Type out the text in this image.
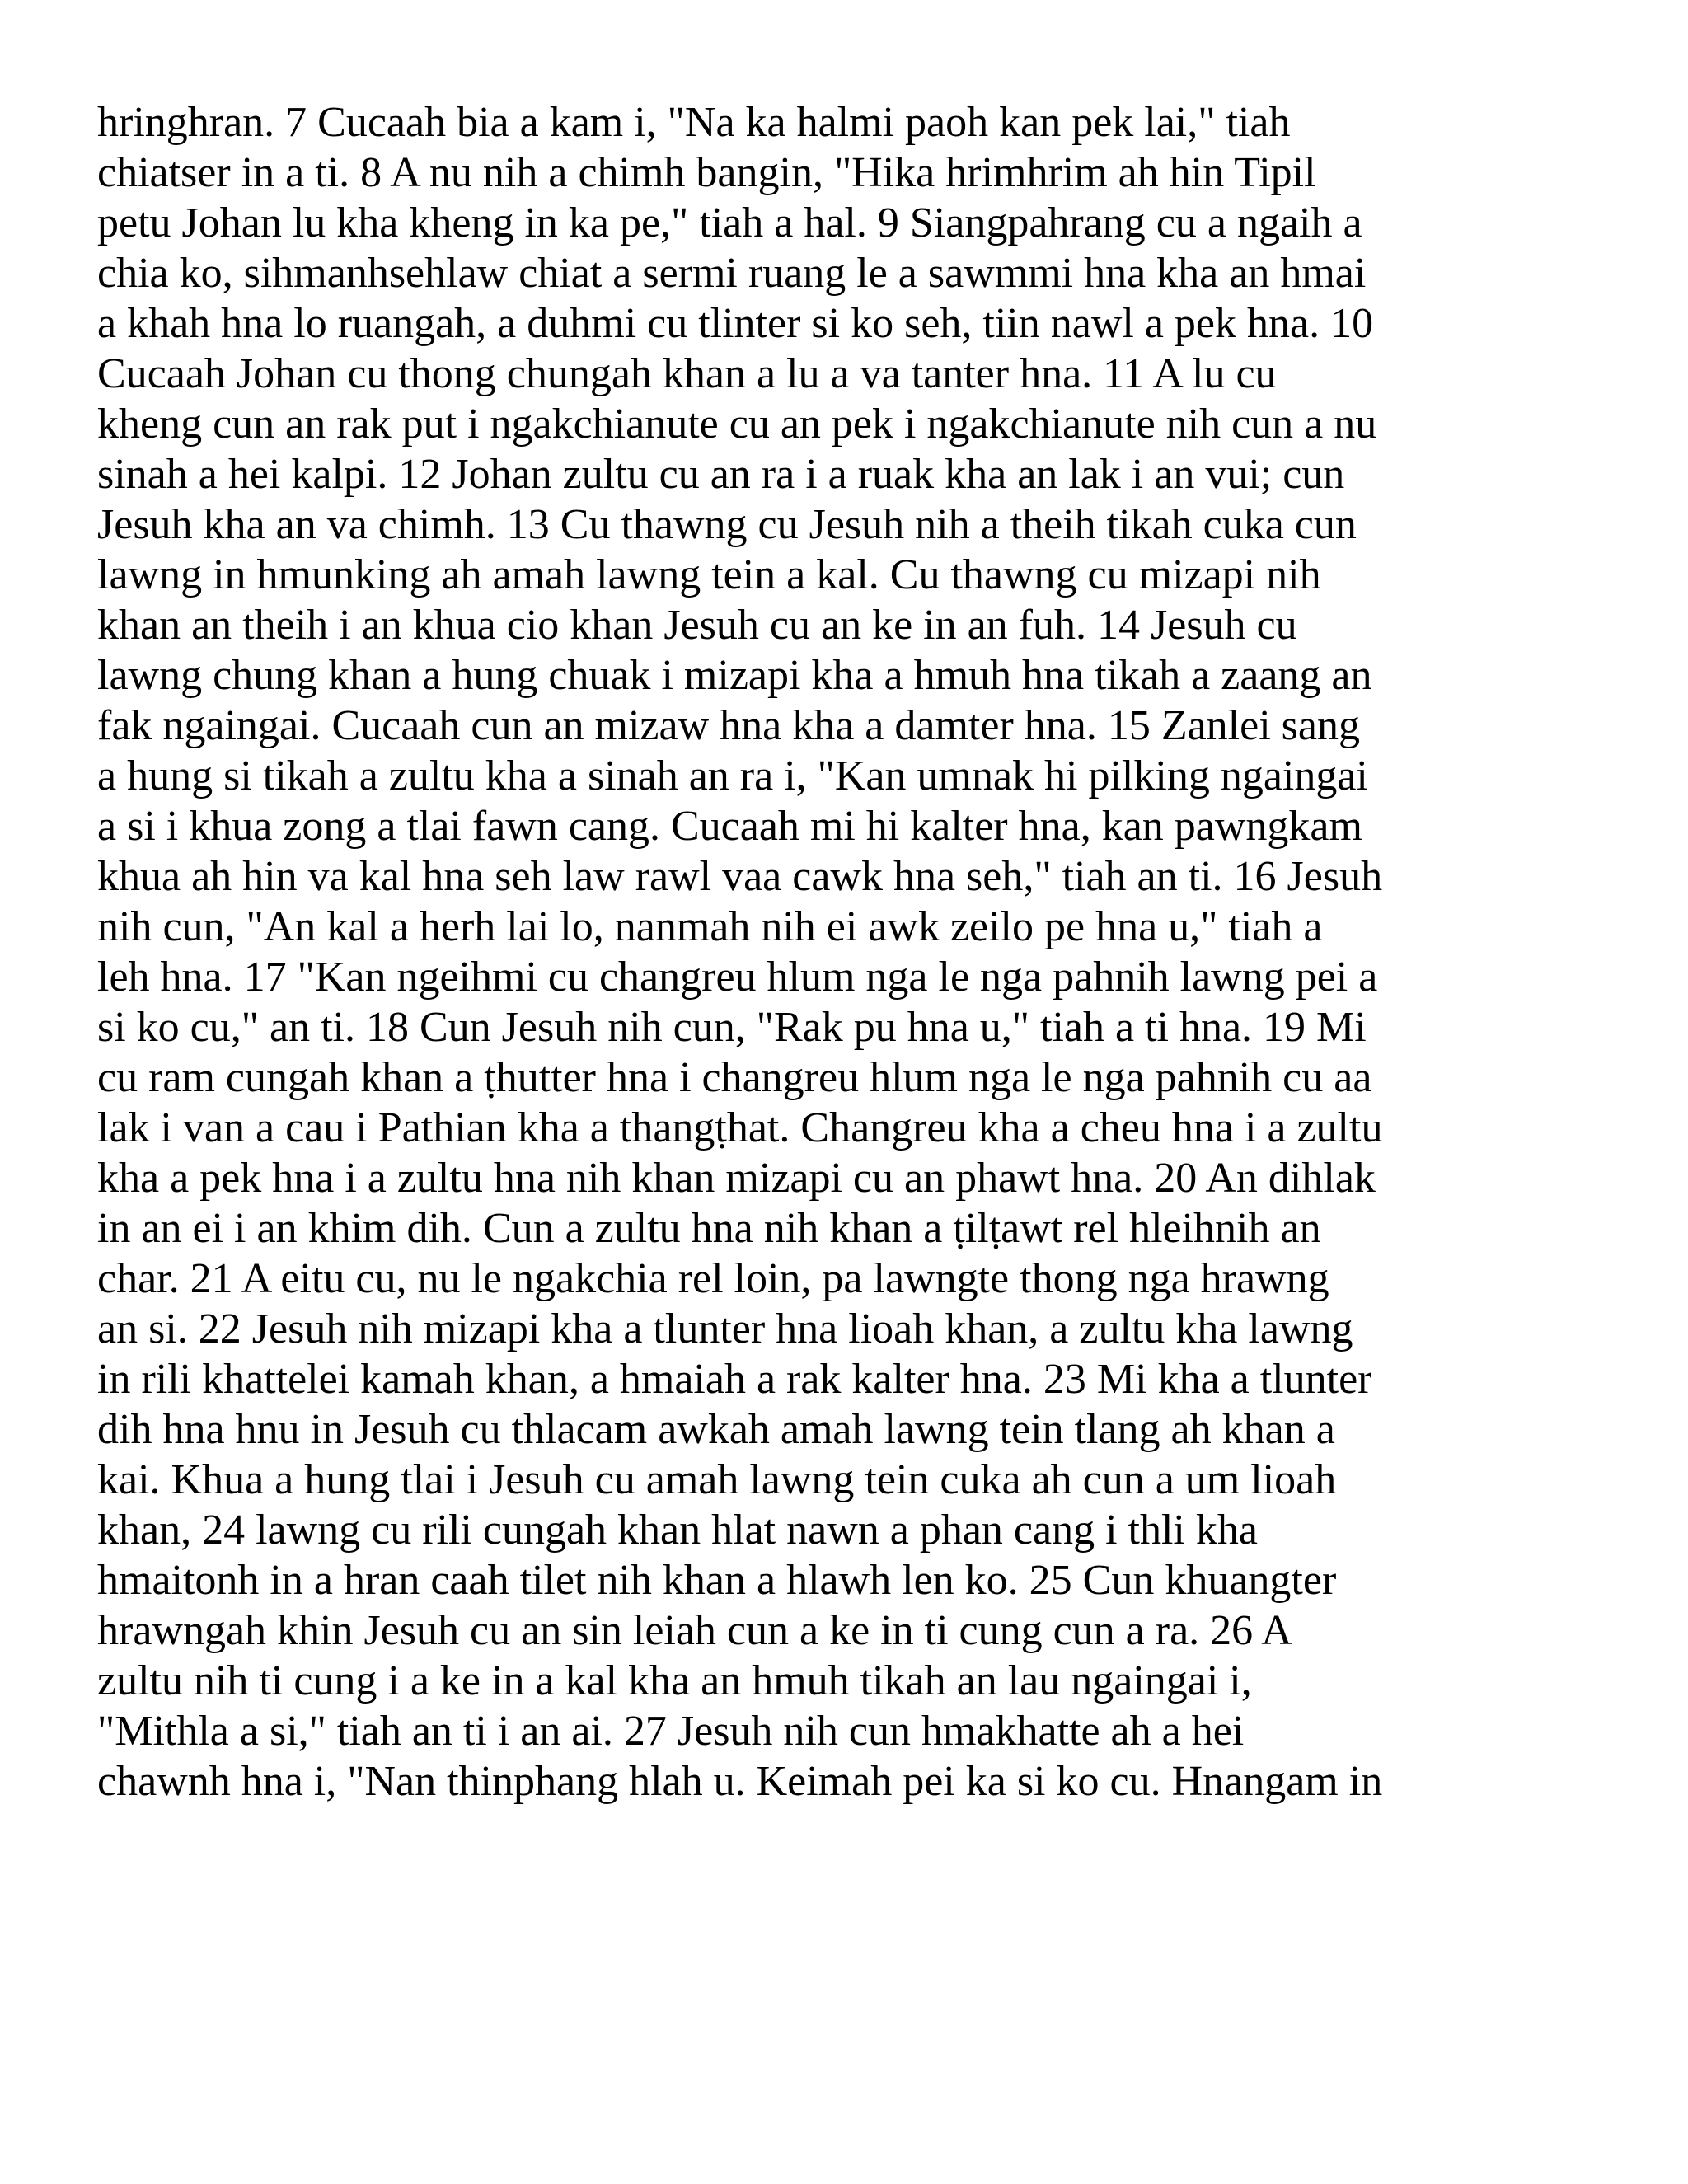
hringhran. 7 Cucaah bia a kam i, "Na ka halmi paoh kan pek lai," tiah
chiatser in a ti. 8 A nu nih a chimh bangin, "Hika hrimhrim ah hin Tipil
petu Johan lu kha kheng in ka pe," tiah a hal. 9 Siangpahrang cu a ngaih a
chia ko, sihmanhsehlaw chiat a sermi ruang le a sawmmi hna kha an hmai
a khah hna lo ruangah, a duhmi cu tlinter si ko seh, tiin nawl a pek hna. 10
Cucaah Johan cu thong chungah khan a lu a va tanter hna. 11 A lu cu
kheng cun an rak put i ngakchianute cu an pek i ngakchianute nih cun a nu
sinah a hei kalpi. 12 Johan zultu cu an ra i a ruak kha an lak i an vui; cun
Jesuh kha an va chimh. 13 Cu thawng cu Jesuh nih a theih tikah cuka cun
lawng in hmunking ah amah lawng tein a kal. Cu thawng cu mizapi nih
khan an theih i an khua cio khan Jesuh cu an ke in an fuh. 14 Jesuh cu
lawng chung khan a hung chuak i mizapi kha a hmuh hna tikah a zaang an
fak ngaingai. Cucaah cun an mizaw hna kha a damter hna. 15 Zanlei sang
a hung si tikah a zultu kha a sinah an ra i, "Kan umnak hi pilking ngaingai
a si i khua zong a tlai fawn cang. Cucaah mi hi kalter hna, kan pawngkam
khua ah hin va kal hna seh law rawl vaa cawk hna seh," tiah an ti. 16 Jesuh
nih cun, "An kal a herh lai lo, nanmah nih ei awk zeilo pe hna u," tiah a
leh hna. 17 "Kan ngeihmi cu changreu hlum nga le nga pahnih lawng pei a
si ko cu," an ti. 18 Cun Jesuh nih cun, "Rak pu hna u," tiah a ti hna. 19 Mi
cu ram cungah khan a ṭhutter hna i changreu hlum nga le nga pahnih cu aa
lak i van a cau i Pathian kha a thangṭhat. Changreu kha a cheu hna i a zultu
kha a pek hna i a zultu hna nih khan mizapi cu an phawt hna. 20 An dihlak
in an ei i an khim dih. Cun a zultu hna nih khan a ṭilṭawt rel hleihnih an
char. 21 A eitu cu, nu le ngakchia rel loin, pa lawngte thong nga hrawng
an si. 22 Jesuh nih mizapi kha a tlunter hna lioah khan, a zultu kha lawng
in rili khattelei kamah khan, a hmaiah a rak kalter hna. 23 Mi kha a tlunter
dih hna hnu in Jesuh cu thlacam awkah amah lawng tein tlang ah khan a
kai. Khua a hung tlai i Jesuh cu amah lawng tein cuka ah cun a um lioah
khan, 24 lawng cu rili cungah khan hlat nawn a phan cang i thli kha
hmaitonh in a hran caah tilet nih khan a hlawh len ko. 25 Cun khuangter
hrawngah khin Jesuh cu an sin leiah cun a ke in ti cung cun a ra. 26 A
zultu nih ti cung i a ke in a kal kha an hmuh tikah an lau ngaingai i,
"Mithla a si," tiah an ti i an ai. 27 Jesuh nih cun hmakhatte ah a hei
chawnh hna i, "Nan thinphang hlah u. Keimah pei ka si ko cu. Hnangam in
